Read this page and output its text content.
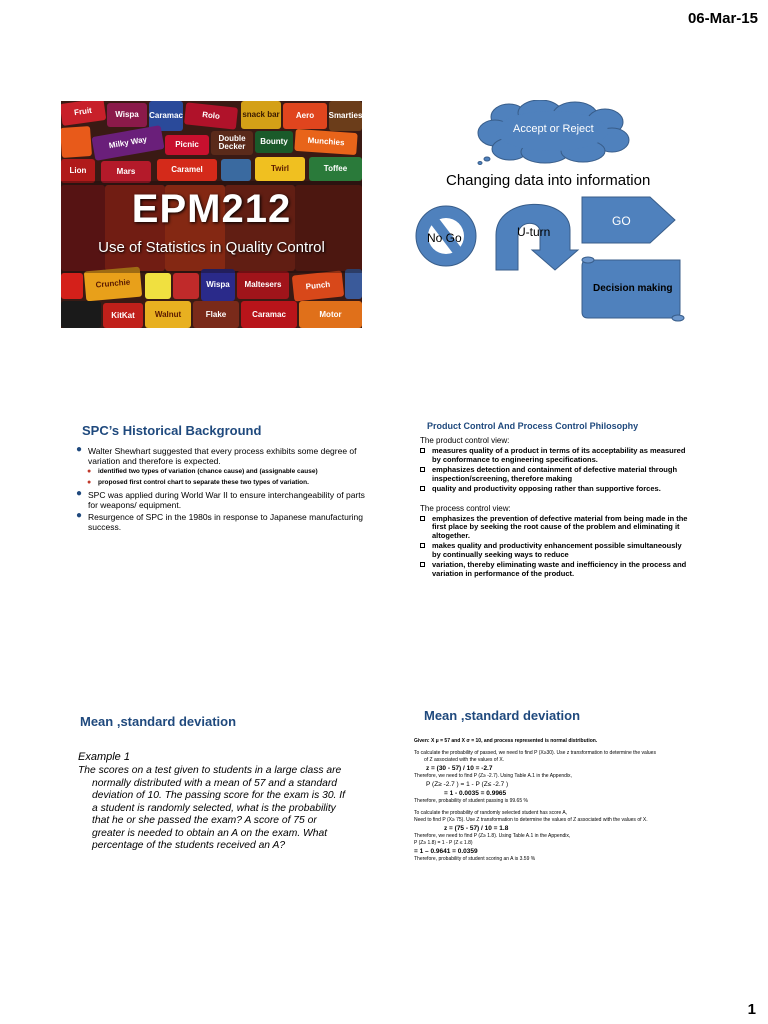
06-Mar-15
Fruit	Wispa	Caramac	Rolo	snack bar	Aero	Smarties
Milky Way	Picnic
Double Decker
Bounty	Munchies
Lion	Mars	Caramel	Twirl	Toffee
Crunchie	Wispa	Maltesers	Punch
KitKat	Walnut	Flake	Caramac	Motor
EPM212
Use of Statistics in Quality Control
Changing data into information
Accept or Reject
No Go	U-turn
GO
Decision making
SPC’s Historical Background
● Walter Shewhart suggested that every process exhibits some degree of variation and therefore is expected.
● identified two types of variation (chance cause) and (assignable cause)
● proposed first control chart to separate these two types of variation.
● SPC was applied during World War II to ensure interchangeability of parts for weapons/ equipment.
● Resurgence of SPC in the 1980s in response to Japanese manufacturing success.
Product Control And Process Control Philosophy
The product control view:
measures quality of a product in terms of its acceptability as measured by conformance to engineering specifications.
emphasizes detection and containment of defective material through inspection/screening, therefore making
quality and productivity opposing rather than supportive forces.
The process control view:
emphasizes the prevention of defective material from being made in the first place by seeking the root cause of the problem and eliminating it altogether.
makes quality and productivity enhancement possible simultaneously by continually seeking ways to reduce
variation, thereby eliminating waste and inefficiency in the process and variation in performance of the product.
Mean ,standard deviation
Example 1
The scores on a test given to students in a large class are normally distributed with a mean of 57 and a standard deviation of 10. The passing score for the exam is 30. If a student is randomly selected, what is the probability that he or she passed the exam? A score of 75 or greater is needed to obtain an A on the exam. What percentage of the students received an A?
Mean ,standard deviation
Given: X μ = 57 and X σ = 10, and process represented is normal distribution.
To calculate the probability of passed, we need to find P (X≥30). Use z transformation to determine the values
of Z associated with the values of X.
z = (30 - 57) / 10 = -2.7
Therefore, we need to find P (Z≥ -2.7). Using Table A.1 in the Appendix,
P (Z≥ -2.7 ) = 1 - P (Z≤ -2.7 )
= 1 - 0.0035 = 0.9965
Therefore, probability of student passing is 99.65 %
To calculate the probability of randomly selected student has score A,
Need to find P (X≥ 75). Use Z transformation to determine the values of Z associated with the values of X.
z = (75 - 57) / 10 = 1.8
Therefore, we need to find P (Z≥ 1.8). Using Table A.1 in the Appendix,
P (Z≥ 1.8) = 1 - P (Z ≤ 1.8)
= 1 – 0.9641 = 0.0359
Therefore, probability of student scoring an A is 3.59 %
1
